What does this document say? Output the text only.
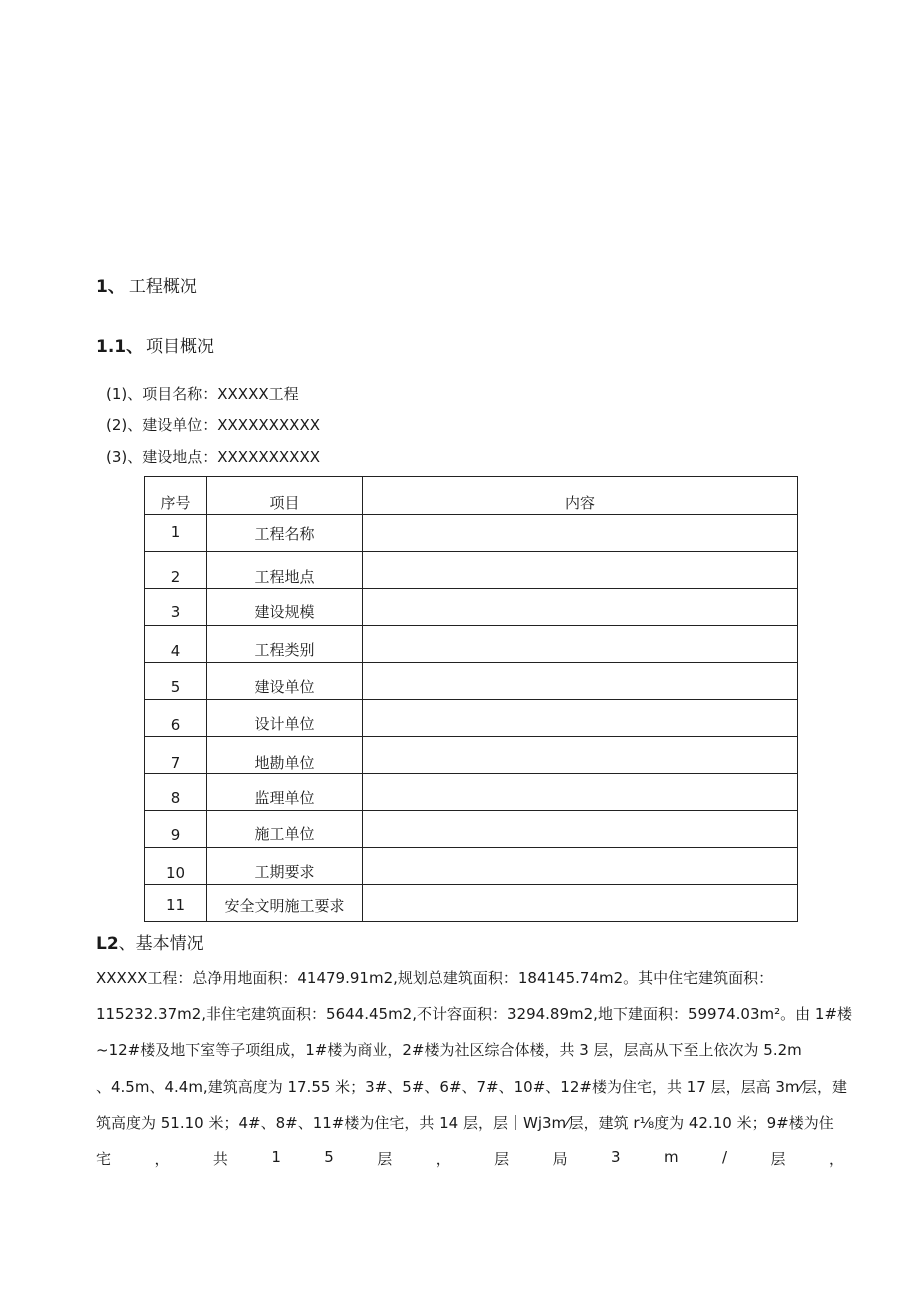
1、 工程概况
1.1、 项目概况
(1)、项目名称：XXXXX工程
(2)、建设单位：XXXXXXXXXX
(3)、建设地点：XXXXXXXXXX
序号	项目	内容

1	工程名称	

2	工程地点	

3	建设规模	

4	工程类别	

5	建设单位	

6	设计单位	

7	地勘单位	

8	监理单位	

9	施工单位	

10	工期要求	

11	安全文明施工要求	

L2、基本情况
XXXXX工程：总净用地面积：41479.91m2,规划总建筑面积：184145.74m2。其中住宅建筑面积：
115232.37m2,非住宅建筑面积：5644.45m2,不计容面积：3294.89m2,地下建面积：59974.03m²。由 1#楼
~12#楼及地下室等子项组成，1#楼为商业，2#楼为社区综合体楼，共 3 层，层高从下至上依次为 5.2m
、4.5m、4.4m,建筑高度为 17.55 米；3#、5#、6#、7#、10#、12#楼为住宅，共 17 层，层高 3m⁄层，建
筑高度为 51.10 米；4#、8#、11#楼为住宅，共 14 层，层｜Wj3m⁄层，建筑 r⅛度为 42.10 米；9#楼为住
宅	，	共	1	5	层	，	层	局	3	m	/	层	，
